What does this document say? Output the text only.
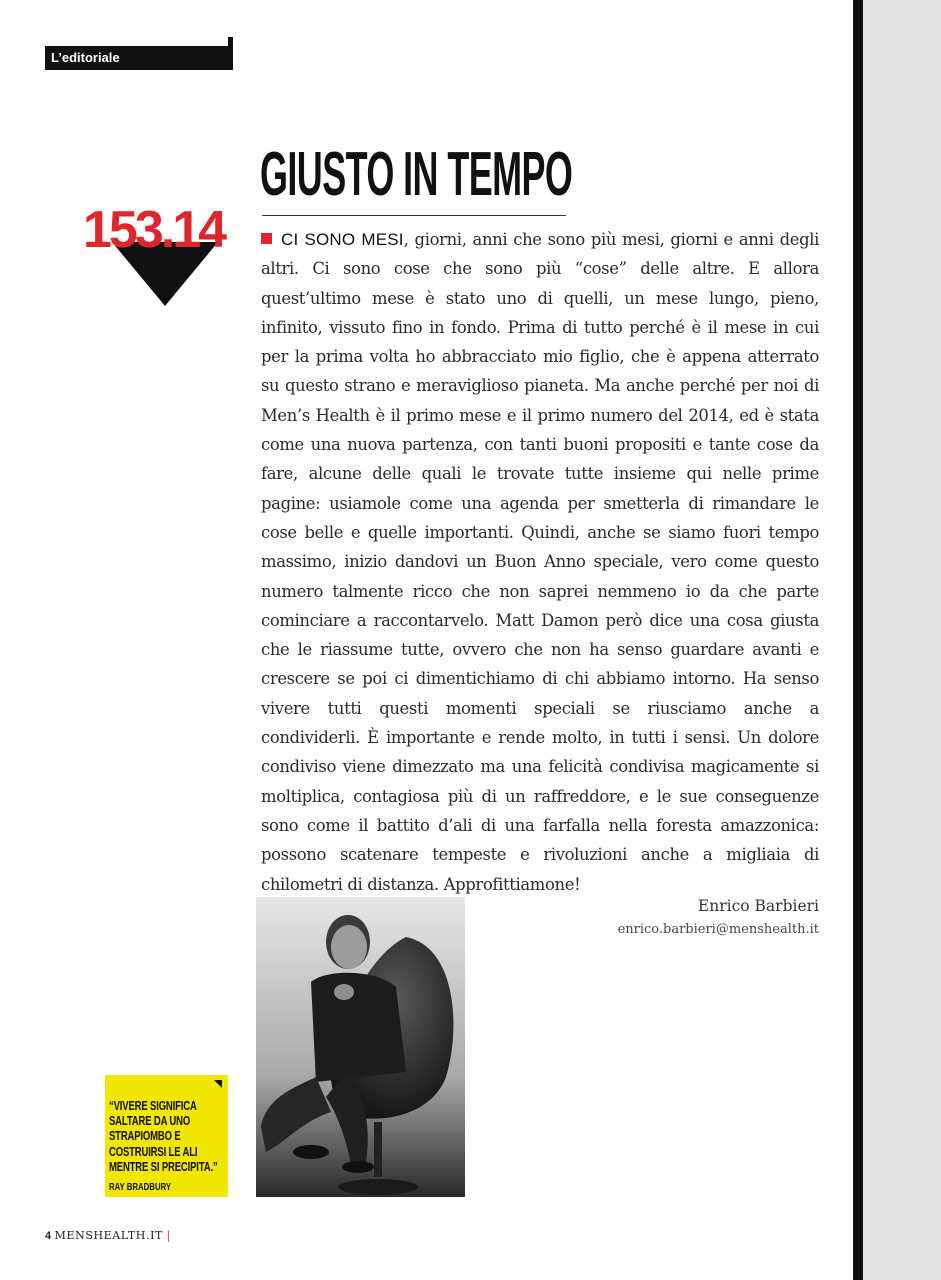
L’editoriale
GIUSTO IN TEMPO
153.14	CI SONO MESI, giorni, anni che sono più mesi, giorni e anni degli altri. Ci sono cose che sono più “cose” delle altre. E allora quest’ultimo mese è stato uno di quelli, un mese lungo, pieno, infinito, vissuto fino in fondo. Prima di tutto perché è il mese in cui per la prima volta ho abbracciato mio figlio, che è appena atterrato su questo strano e meraviglioso pianeta. Ma anche perché per noi di Men’s Health è il primo mese e il primo numero del 2014, ed è stata come una nuova partenza, con tanti buoni propositi e tante cose da fare, alcune delle quali le trovate tutte insieme qui nelle prime pagine: usiamole come una agenda per smetterla di rimandare le cose belle e quelle importanti. Quindi, anche se siamo fuori tempo massimo, inizio dandovi un Buon Anno speciale, vero come questo numero talmente ricco che non saprei nemmeno io da che parte cominciare a raccontarvelo. Matt Damon però dice una cosa giusta che le riassume tutte, ovvero che non ha senso guardare avanti e crescere se poi ci dimentichiamo di chi abbiamo intorno. Ha senso vivere tutti questi momenti speciali se riusciamo anche a condividerli. È importante e rende molto, in tutti i sensi. Un dolore condiviso viene dimezzato ma una felicità condivisa magicamente si moltiplica, contagiosa più di un raffreddore, e le sue conseguenze sono come il battito d’ali di una farfalla nella foresta amazzonica: possono scatenare tempeste e rivoluzioni anche a migliaia di chilometri di distanza. Approfittiamone!

Enrico Barbieri
enrico.barbieri@menshealth.it

“VIVERE SIGNIFICA SALTARE DA UNO STRAPIOMBO E COSTRUIRSI LE ALI MENTRE SI PRECIPITA.”

RAY BRADBURY
4 MENSHEALTH.IT |
